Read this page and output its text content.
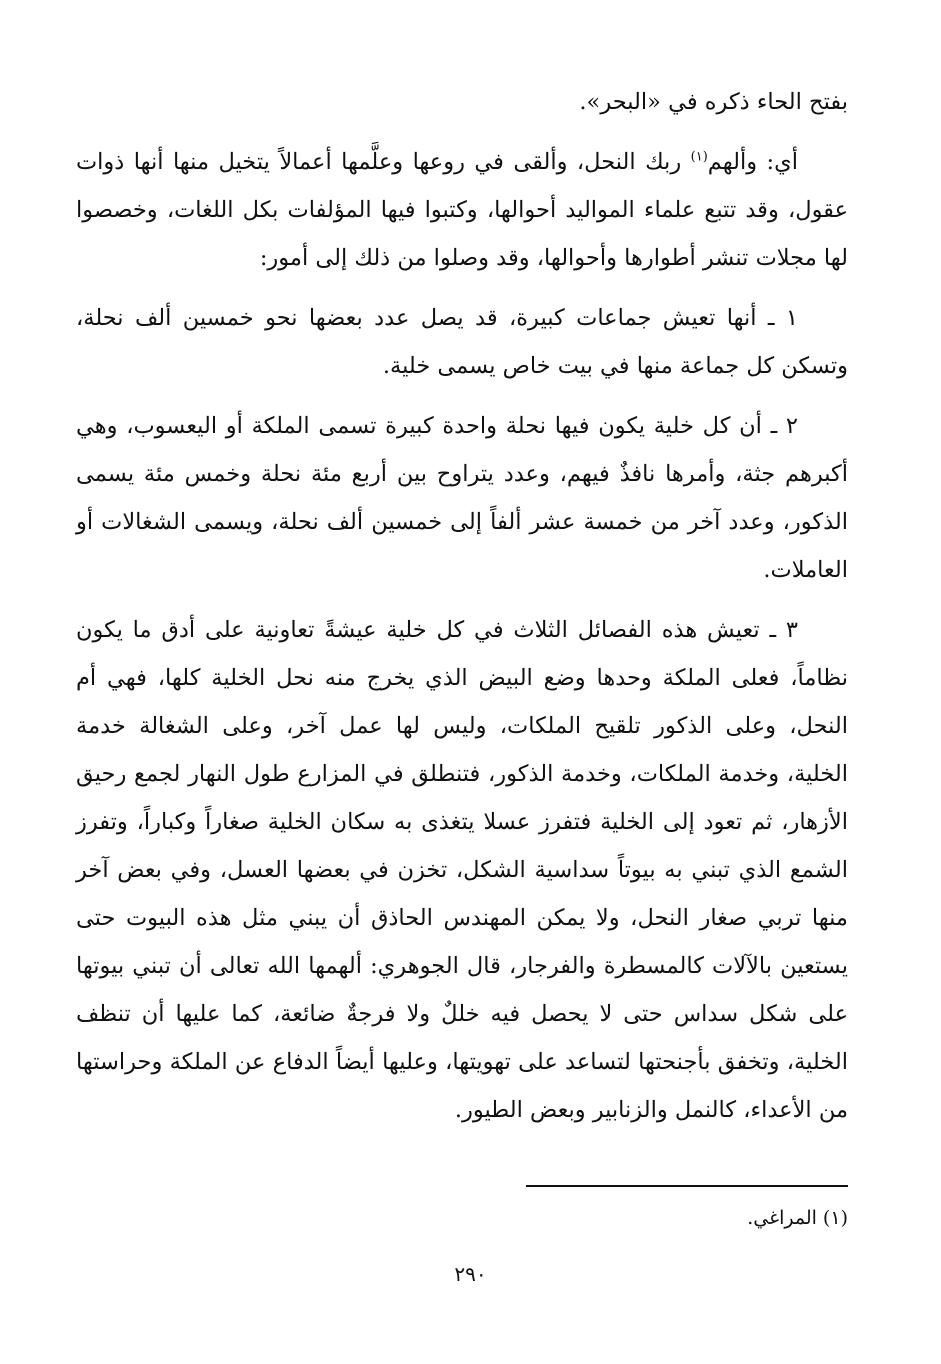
بفتح الحاء ذكره في «البحر».

أي: وألهم$^{(١)}$ ربك النحل، وألقى في روعها وعلَّمها أعمالاً يتخيل منها أنها ذوات عقول، وقد تتبع علماء المواليد أحوالها، وكتبوا فيها المؤلفات بكل اللغات، وخصصوا لها مجلات تنشر أطوارها وأحوالها، وقد وصلوا من ذلك إلى أمور:

١ ـ أنها تعيش جماعات كبيرة، قد يصل عدد بعضها نحو خمسين ألف نحلة، وتسكن كل جماعة منها في بيت خاص يسمى خلية.

٢ ـ أن كل خلية يكون فيها نحلة واحدة كبيرة تسمى الملكة أو اليعسوب، وهي أكبرهم جثة، وأمرها نافذٌ فيهم، وعدد يتراوح بين أربع مئة نحلة وخمس مئة يسمى الذكور، وعدد آخر من خمسة عشر ألفاً إلى خمسين ألف نحلة، ويسمى الشغالات أو العاملات.

٣ ـ تعيش هذه الفصائل الثلاث في كل خلية عيشةً تعاونية على أدق ما يكون نظاماً، فعلى الملكة وحدها وضع البيض الذي يخرج منه نحل الخلية كلها، فهي أم النحل، وعلى الذكور تلقيح الملكات، وليس لها عمل آخر، وعلى الشغالة خدمة الخلية، وخدمة الملكات، وخدمة الذكور، فتنطلق في المزارع طول النهار لجمع رحيق الأزهار، ثم تعود إلى الخلية فتفرز عسلا يتغذى به سكان الخلية صغاراً وكباراً، وتفرز الشمع الذي تبني به بيوتاً سداسية الشكل، تخزن في بعضها العسل، وفي بعض آخر منها تربي صغار النحل، ولا يمكن المهندس الحاذق أن يبني مثل هذه البيوت حتى يستعين بالآلات كالمسطرة والفرجار، قال الجوهري: ألهمها الله تعالى أن تبني بيوتها على شكل سداس حتى لا يحصل فيه خللٌ ولا فرجةٌ ضائعة، كما عليها أن تنظف الخلية، وتخفق بأجنحتها لتساعد على تهويتها، وعليها أيضاً الدفاع عن الملكة وحراستها من الأعداء، كالنمل والزنابير وبعض الطيور.

(١) المراغي.

٢٩٠
